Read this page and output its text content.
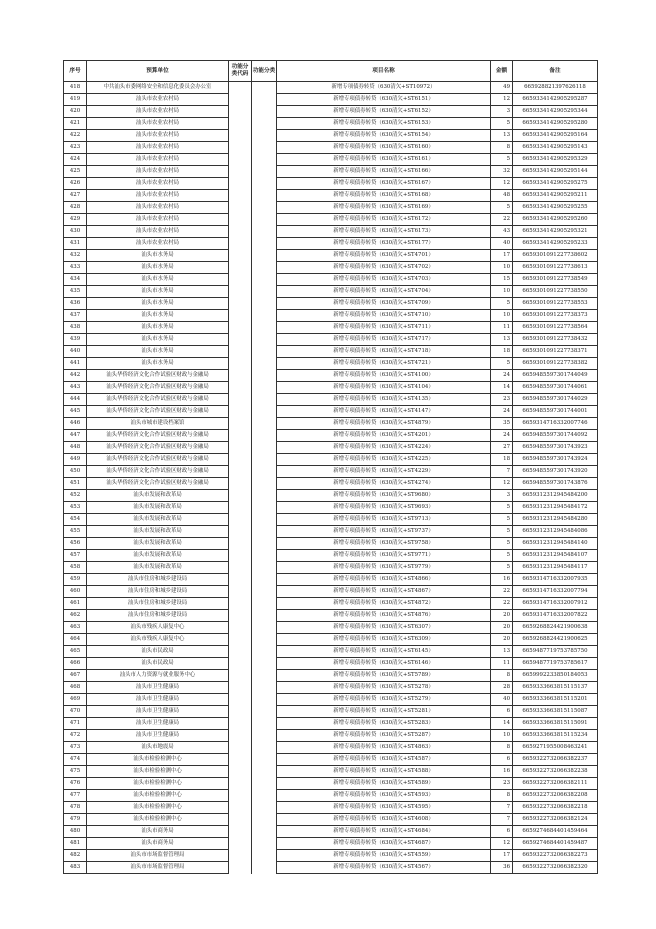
序号	预算单位	功能分类代码	功能分类	项目名称	金额	备注
418	中共汕头市委网络安全和信息化委员会办公室			新增专项债券转贷（630清欠+ST10972）	49	665928821397626118
419	汕头市农业农村局			新增专项债券转贷（630清欠+ST6151）	12	6659334142905295287
420	汕头市农业农村局			新增专项债券转贷（630清欠+ST6152）	3	6659334142905295344
421	汕头市农业农村局			新增专项债券转贷（630清欠+ST6153）	5	6659334142905295280
422	汕头市农业农村局			新增专项债券转贷（630清欠+ST6154）	13	6659334142905295164
423	汕头市农业农村局			新增专项债券转贷（630清欠+ST6160）	8	6659334142905295143
424	汕头市农业农村局			新增专项债券转贷（630清欠+ST6161）	5	6659334142905295329
425	汕头市农业农村局			新增专项债券转贷（630清欠+ST6166）	32	6659334142905295144
426	汕头市农业农村局			新增专项债券转贷（630清欠+ST6167）	12	6659334142905295275
427	汕头市农业农村局			新增专项债券转贷（630清欠+ST6168）	48	6659334142905295211
428	汕头市农业农村局			新增专项债券转贷（630清欠+ST6169）	5	6659334142905295255
429	汕头市农业农村局			新增专项债券转贷（630清欠+ST6172）	22	6659334142905295260
430	汕头市农业农村局			新增专项债券转贷（630清欠+ST6173）	43	6659334142905295321
431	汕头市农业农村局			新增专项债券转贷（630清欠+ST6177）	40	6659334142905295233
432	汕头市水务局			新增专项债券转贷（630清欠+ST4701）	17	6659301091227738602
433	汕头市水务局			新增专项债券转贷（630清欠+ST4702）	10	6659301091227738613
434	汕头市水务局			新增专项债券转贷（630清欠+ST4703）	15	6659301091227738549
435	汕头市水务局			新增专项债券转贷（630清欠+ST4704）	10	6659301091227738550
436	汕头市水务局			新增专项债券转贷（630清欠+ST4709）	5	6659301091227738553
437	汕头市水务局			新增专项债券转贷（630清欠+ST4710）	10	6659301091227738373
438	汕头市水务局			新增专项债券转贷（630清欠+ST4711）	11	6659301091227738564
439	汕头市水务局			新增专项债券转贷（630清欠+ST4717）	13	6659301091227738432
440	汕头市水务局			新增专项债券转贷（630清欠+ST4718）	18	6659301091227738371
441	汕头市水务局			新增专项债券转贷（630清欠+ST4721）	5	6659301091227738382
442	汕头华侨经济文化合作试验区财政与金融局			新增专项债券转贷（630清欠+ST4100）	24	6659485597301744049
443	汕头华侨经济文化合作试验区财政与金融局			新增专项债券转贷（630清欠+ST4104）	14	6659485597301744061
444	汕头华侨经济文化合作试验区财政与金融局			新增专项债券转贷（630清欠+ST4135）	23	6659485597301744029
445	汕头华侨经济文化合作试验区财政与金融局			新增专项债券转贷（630清欠+ST4147）	24	6659485597301744001
446	汕头市城市建设档案馆			新增专项债券转贷（630清欠+ST4879）	35	6659314716332007746
447	汕头华侨经济文化合作试验区财政与金融局			新增专项债券转贷（630清欠+ST4201）	24	6659485597301744092
448	汕头华侨经济文化合作试验区财政与金融局			新增专项债券转贷（630清欠+ST4224）	27	6659485597301743923
449	汕头华侨经济文化合作试验区财政与金融局			新增专项债券转贷（630清欠+ST4225）	18	6659485597301743924
450	汕头华侨经济文化合作试验区财政与金融局			新增专项债券转贷（630清欠+ST4229）	7	6659485597301743920
451	汕头华侨经济文化合作试验区财政与金融局			新增专项债券转贷（630清欠+ST4274）	12	6659485597301743876
452	汕头市发展和改革局			新增专项债券转贷（630清欠+ST9680）	3	6659312312945484200
453	汕头市发展和改革局			新增专项债券转贷（630清欠+ST9693）	5	6659312312945484172
454	汕头市发展和改革局			新增专项债券转贷（630清欠+ST9713）	5	6659312312945484280
455	汕头市发展和改革局			新增专项债券转贷（630清欠+ST9737）	5	6659312312945484086
456	汕头市发展和改革局			新增专项债券转贷（630清欠+ST9758）	5	6659312312945484140
457	汕头市发展和改革局			新增专项债券转贷（630清欠+ST9771）	5	6659312312945484107
458	汕头市发展和改革局			新增专项债券转贷（630清欠+ST9779）	5	6659312312945484117
459	汕头市住房和城乡建设局			新增专项债券转贷（630清欠+ST4866）	16	6659314716332007935
460	汕头市住房和城乡建设局			新增专项债券转贷（630清欠+ST4867）	22	6659314716332007794
461	汕头市住房和城乡建设局			新增专项债券转贷（630清欠+ST4872）	22	6659314716332007912
462	汕头市住房和城乡建设局			新增专项债券转贷（630清欠+ST4876）	20	6659314716332007822
463	汕头市残疾人康复中心			新增专项债券转贷（630清欠+ST6307）	20	6659268824421900638
464	汕头市残疾人康复中心			新增专项债券转贷（630清欠+ST6309）	20	6659268824421900625
465	汕头市民政局			新增专项债券转贷（630清欠+ST6145）	13	6659487719753785750
466	汕头市民政局			新增专项债券转贷（630清欠+ST6146）	11	6659487719753785617
467	汕头市人力资源与就业服务中心			新增专项债券转贷（630清欠+ST5789）	8	6659992233850184053
468	汕头市卫生健康局			新增专项债券转贷（630清欠+ST5278）	28	6659333663815115137
469	汕头市卫生健康局			新增专项债券转贷（630清欠+ST5279）	40	6659333663815115201
470	汕头市卫生健康局			新增专项债券转贷（630清欠+ST5281）	6	6659333663815115087
471	汕头市卫生健康局			新增专项债券转贷（630清欠+ST5283）	14	6659333663815115091
472	汕头市卫生健康局			新增专项债券转贷（630清欠+ST5287）	10	6659333663815115234
473	汕头市地震局			新增专项债券转贷（630清欠+ST4863）	8	6659271955008463241
474	汕头市检验检测中心			新增专项债券转贷（630清欠+ST4587）	6	6659322732066382237
475	汕头市检验检测中心			新增专项债券转贷（630清欠+ST4588）	16	6659322732066382238
476	汕头市检验检测中心			新增专项债券转贷（630清欠+ST4589）	23	6659322732066382111
477	汕头市检验检测中心			新增专项债券转贷（630清欠+ST4593）	8	6659322732066382208
478	汕头市检验检测中心			新增专项债券转贷（630清欠+ST4595）	7	6659322732066382218
479	汕头市检验检测中心			新增专项债券转贷（630清欠+ST4608）	7	6659322732066382124
480	汕头市商务局			新增专项债券转贷（630清欠+ST4684）	6	6659274684401459464
481	汕头市商务局			新增专项债券转贷（630清欠+ST4687）	12	6659274684401459487
482	汕头市市场监督管理局			新增专项债券转贷（630清欠+ST4559）	17	6659322732066382273
483	汕头市市场监督管理局			新增专项债券转贷（630清欠+ST4567）	36	6659322732066382320
